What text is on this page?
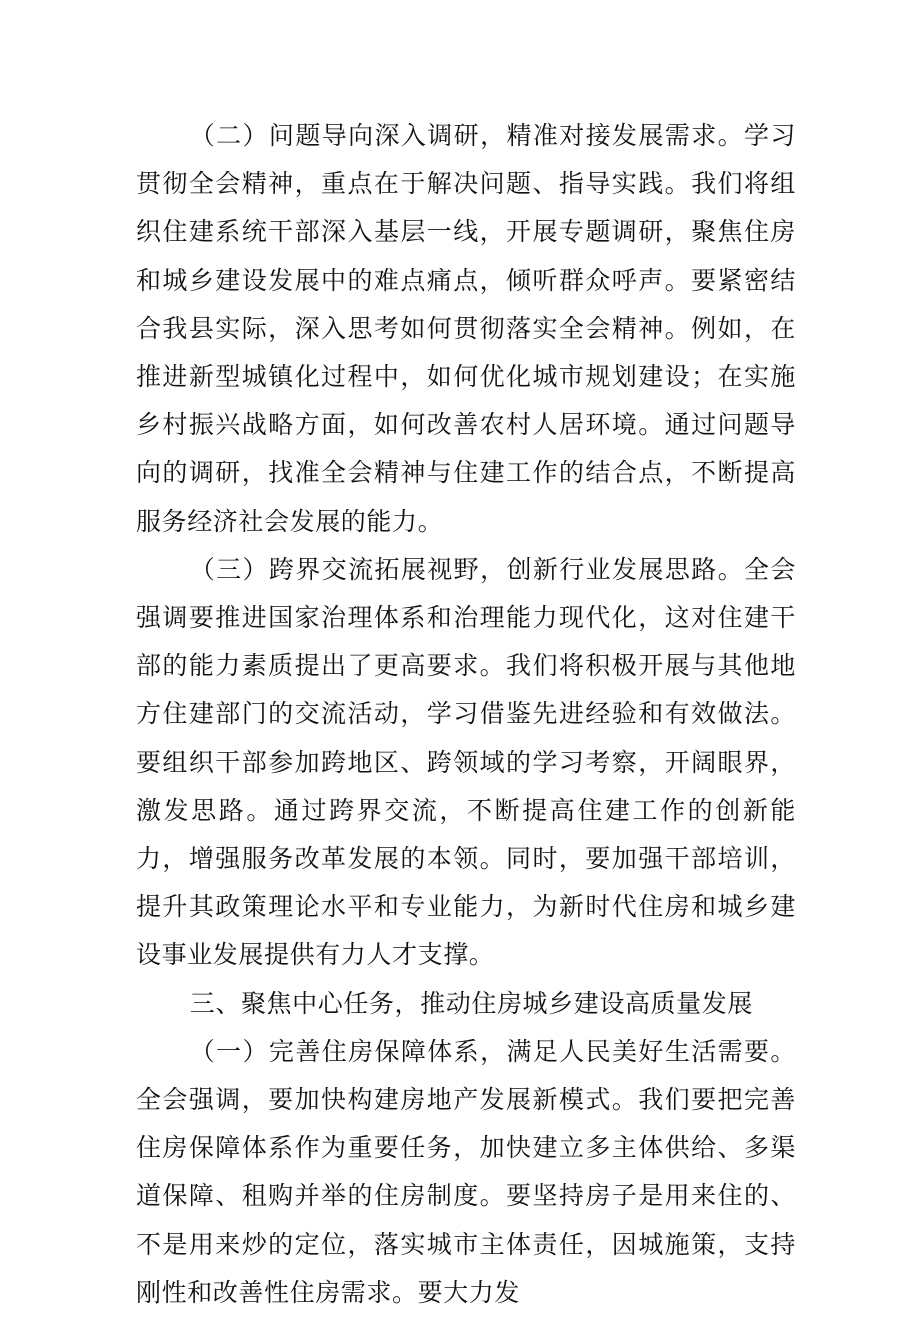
（二）问题导向深入调研，精准对接发展需求。学习贯彻全会精神，重点在于解决问题、指导实践。我们将组织住建系统干部深入基层一线，开展专题调研，聚焦住房和城乡建设发展中的难点痛点，倾听群众呼声。要紧密结合我县实际，深入思考如何贯彻落实全会精神。例如，在推进新型城镇化过程中，如何优化城市规划建设；在实施乡村振兴战略方面，如何改善农村人居环境。通过问题导向的调研，找准全会精神与住建工作的结合点，不断提高服务经济社会发展的能力。

（三）跨界交流拓展视野，创新行业发展思路。全会强调要推进国家治理体系和治理能力现代化，这对住建干部的能力素质提出了更高要求。我们将积极开展与其他地方住建部门的交流活动，学习借鉴先进经验和有效做法。要组织干部参加跨地区、跨领域的学习考察，开阔眼界，激发思路。通过跨界交流，不断提高住建工作的创新能力，增强服务改革发展的本领。同时，要加强干部培训，提升其政策理论水平和专业能力，为新时代住房和城乡建设事业发展提供有力人才支撑。

三、聚焦中心任务，推动住房城乡建设高质量发展

（一）完善住房保障体系，满足人民美好生活需要。全会强调，要加快构建房地产发展新模式。我们要把完善住房保障体系作为重要任务，加快建立多主体供给、多渠道保障、租购并举的住房制度。要坚持房子是用来住的、不是用来炒的定位，落实城市主体责任，因城施策，支持刚性和改善性住房需求。要大力发
